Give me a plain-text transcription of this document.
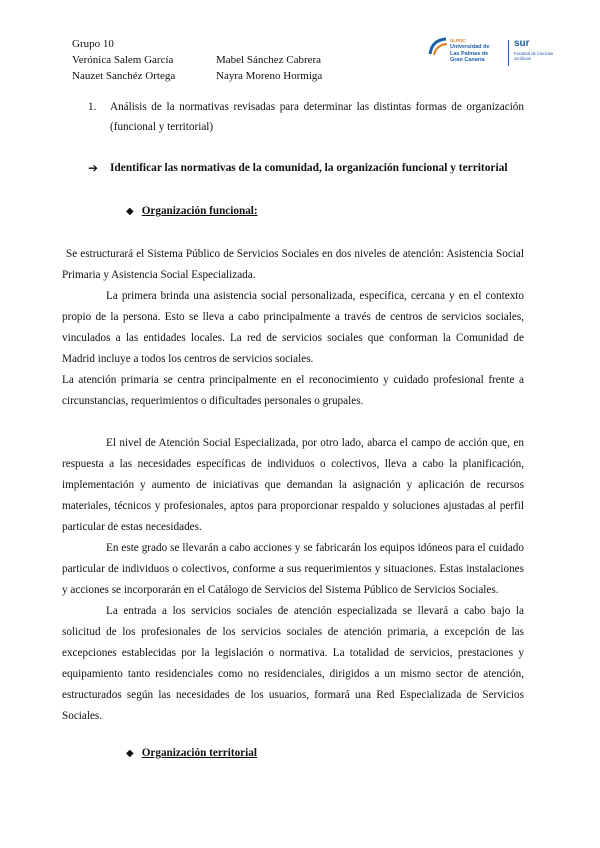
Grupo 10
Verónica Salem García	Mabel Sánchez Cabrera
Nauzet Sanchéz Ortega	Nayra Moreno Hormiga
ULPGC
Universidad de
Las Palmas de
Gran Canaria
sur
Facultad de Ciencias Jurídicas
1. Análisis de la normativas revisadas para determinar las distintas formas de organización (funcional y territorial)
➔ Identificar las normativas de la comunidad, la organización funcional y territorial
◆ Organización funcional:

Se estructurará el Sistema Público de Servicios Sociales en dos niveles de atención: Asistencia Social Primaria y Asistencia Social Especializada.

La primera brinda una asistencia social personalizada, específica, cercana y en el contexto propio de la persona. Esto se lleva a cabo principalmente a través de centros de servicios sociales, vinculados a las entidades locales. La red de servicios sociales que conforman la Comunidad de Madrid incluye a todos los centros de servicios sociales.

La atención primaria se centra principalmente en el reconocimiento y cuidado profesional frente a circunstancias, requerimientos o dificultades personales o grupales.

El nivel de Atención Social Especializada, por otro lado, abarca el campo de acción que, en respuesta a las necesidades específicas de individuos o colectivos, lleva a cabo la planificación, implementación y aumento de iniciativas que demandan la asignación y aplicación de recursos materiales, técnicos y profesionales, aptos para proporcionar respaldo y soluciones ajustadas al perfil particular de estas necesidades.

En este grado se llevarán a cabo acciones y se fabricarán los equipos idóneos para el cuidado particular de individuos o colectivos, conforme a sus requerimientos y situaciones. Estas instalaciones y acciones se incorporarán en el Catálogo de Servicios del Sistema Público de Servicios Sociales.

La entrada a los servicios sociales de atención especializada se llevará a cabo bajo la solicitud de los profesionales de los servicios sociales de atención primaria, a excepción de las excepciones establecidas por la legislación o normativa. La totalidad de servicios, prestaciones y equipamiento tanto residenciales como no residenciales, dirigidos a un mismo sector de atención, estructurados según las necesidades de los usuarios, formará una Red Especializada de Servicios Sociales.

◆ Organización territorial
